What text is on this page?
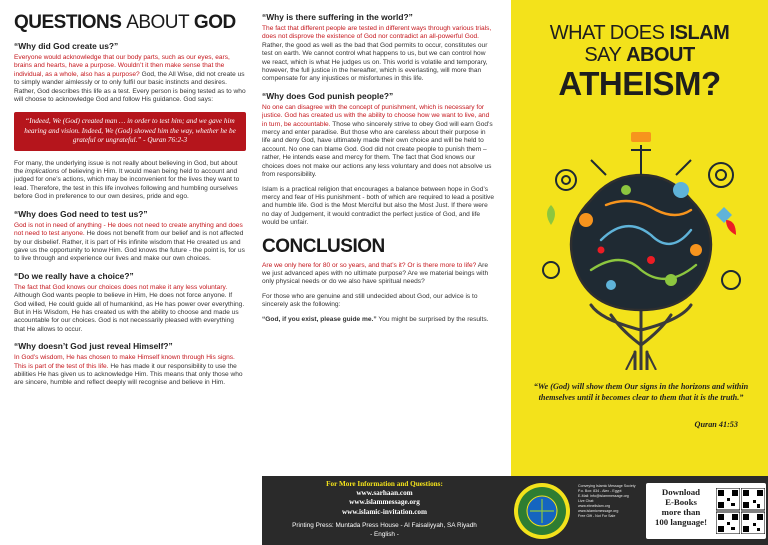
QUESTIONS ABOUT GOD
“Why did God create us?”

Everyone would acknowledge that our body parts, such as our eyes, ears, brains and hearts, have a purpose. Wouldn’t it then make sense that the individual, as a whole, also has a purpose? God, the All Wise, did not create us to simply wander aimlessly or to only fulfil our basic instincts and desires. Rather, God describes this life as a test. Every person is being tested as to who will choose to acknowledge God and follow His guidance. God says:

“Indeed, We (God) created man … in order to test him; and we gave him hearing and vision. Indeed, We (God) showed him the way, whether he be grateful or ungrateful.” - Quran 76:2-3

For many, the underlying issue is not really about believing in God, but about the implications of believing in Him. It would mean being held to account and judged for one’s actions, which may be inconvenient for the lives they want to lead. Therefore, the test in this life involves following and humbling ourselves before God in preference to our own desires, pride and ego.

“Why does God need to test us?”

God is not in need of anything - He does not need to create anything and does not need to test anyone. He does not benefit from our belief and is not affected by our disbelief. Rather, it is part of His infinite wisdom that He created us and gave us the opportunity to know Him. God knows the future - the point is, for us to live through and experience our lives and make our own choices.

“Do we really have a choice?”

The fact that God knows our choices does not make it any less voluntary. Although God wants people to believe in Him, He does not force anyone. If God willed, He could guide all of humankind, as He has power over everything. But in His Wisdom, He has created us with the ability to choose and made us accountable for our choices. God is not necessarily pleased with everything that He allows to occur.

“Why doesn’t God just reveal Himself?”

In God’s wisdom, He has chosen to make Himself known through His signs. This is part of the test of this life. He has made it our responsibility to use the abilities He has given us to acknowledge Him. This means that only those who are sincere, humble and reflect deeply will recognise and believe in Him.

“Why is there suffering in the world?”

The fact that different people are tested in different ways through various trials, does not disprove the existence of God nor contradict an all-powerful God. Rather, the good as well as the bad that God permits to occur, constitutes our test on earth. We cannot control what happens to us, but we can control how we react, which is what He judges us on. This world is volatile and temporary, however, the full justice in the hereafter, which is everlasting, will more than compensate for any injustices or misfortunes in this life.

“Why does God punish people?”

No one can disagree with the concept of punishment, which is necessary for justice. God has created us with the ability to choose how we want to live, and in turn, be accountable. Those who sincerely strive to obey God will earn God’s mercy and enter paradise. But those who are careless about their purpose in life and deny God, have ultimately made their own choice and will be held to account. No one can blame God. God did not create people to punish them – rather, He intends ease and mercy for them. The fact that God knows our choices does not make our actions any less voluntary and does not absolve us from responsibility.

Islam is a practical religion that encourages a balance between hope in God’s mercy and fear of His punishment - both of which are required to lead a positive and humble life. God is the Most Merciful but also the Most Just. If there were no day of Judgement, it would contradict the perfect justice of God, and life would be unfair.

CONCLUSION

Are we only here for 80 or so years, and that’s it? Or is there more to life? Are we just advanced apes with no ultimate purpose? Are we material beings with only physical needs or do we also have spiritual needs?

For those who are genuine and still undecided about God, our advice is to sincerely ask the following:

“God, if you exist, please guide me.” You might be surprised by the results.

WHAT DOES ISLAM
SAY ABOUT
ATHEISM?
“We (God) will show them Our signs in the horizons and within themselves until it becomes clear to them that it is the truth.”
Quran 41:53
For More Information and Questions:
www.sarhaan.com
www.islammessage.org
www.islamic-invitation.com
Printing Press: Muntada Press House - Al Faisaliyyah, SA Riyadh
- English -
Conveying Islamic Message Society
P.o. Box: 834 - Alex - Egypt
E-Mail: info@islammessage.org
Live Chat:
www.ebnelislam.org
www.islamicmessage.org
Free Gift - Not For Sale
Download
E-Books
more than
100 language!
